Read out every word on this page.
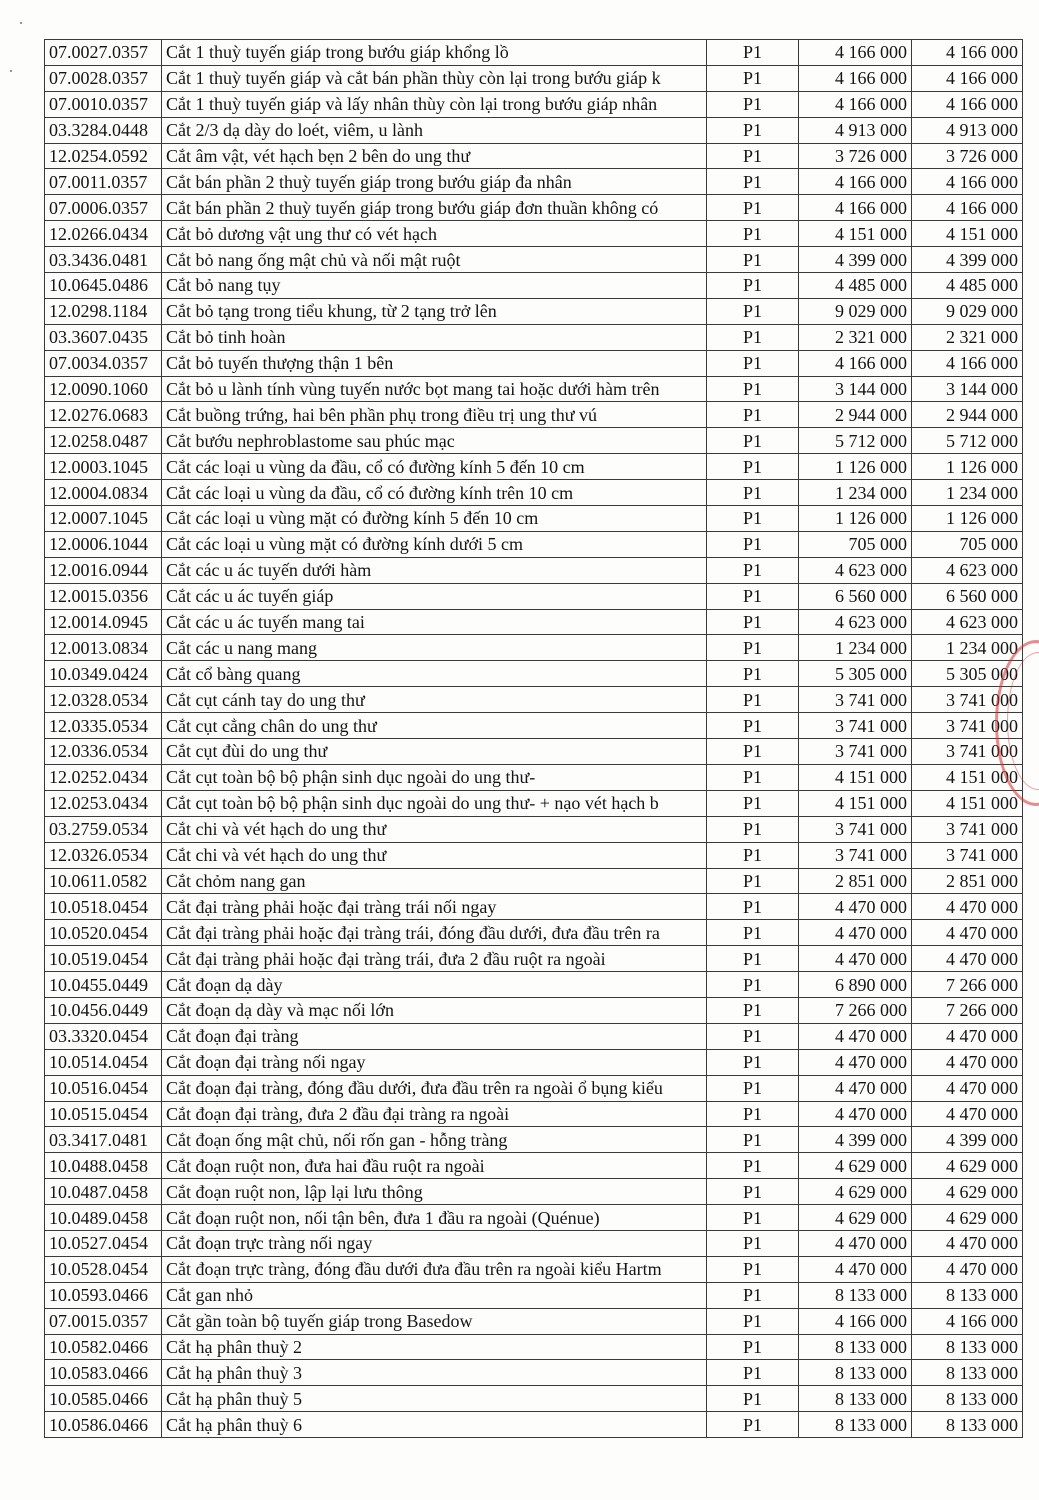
07.0027.0357	Cắt 1 thuỳ tuyến giáp trong bướu giáp khổng lồ	P1	4 166 000	4 166 000
07.0028.0357	Cắt 1 thuỳ tuyến giáp và cắt bán phần thùy còn lại trong bướu giáp k	P1	4 166 000	4 166 000
07.0010.0357	Cắt 1 thuỳ tuyến giáp và lấy nhân thùy còn lại trong bướu giáp nhân	P1	4 166 000	4 166 000
03.3284.0448	Cắt 2/3 dạ dày do loét, viêm, u lành	P1	4 913 000	4 913 000
12.0254.0592	Cắt âm vật, vét hạch bẹn 2 bên do ung thư	P1	3 726 000	3 726 000
07.0011.0357	Cắt bán phần 2 thuỳ tuyến giáp trong bướu giáp đa nhân	P1	4 166 000	4 166 000
07.0006.0357	Cắt bán phần 2 thuỳ tuyến giáp trong bướu giáp đơn thuần không có	P1	4 166 000	4 166 000
12.0266.0434	Cắt bỏ dương vật ung thư có vét hạch	P1	4 151 000	4 151 000
03.3436.0481	Cắt bỏ nang ống mật chủ và nối mật ruột	P1	4 399 000	4 399 000
10.0645.0486	Cắt bỏ nang tụy	P1	4 485 000	4 485 000
12.0298.1184	Cắt bỏ tạng trong tiểu khung, từ 2 tạng trở lên	P1	9 029 000	9 029 000
03.3607.0435	Cắt bỏ tinh hoàn	P1	2 321 000	2 321 000
07.0034.0357	Cắt bỏ tuyến thượng thận 1 bên	P1	4 166 000	4 166 000
12.0090.1060	Cắt bỏ u lành tính vùng tuyến nước bọt mang tai hoặc dưới hàm trên	P1	3 144 000	3 144 000
12.0276.0683	Cắt buồng trứng, hai bên phần phụ trong điều trị ung thư vú	P1	2 944 000	2 944 000
12.0258.0487	Cắt bướu nephroblastome sau phúc mạc	P1	5 712 000	5 712 000
12.0003.1045	Cắt các loại u vùng da đầu, cổ có đường kính 5 đến 10 cm	P1	1 126 000	1 126 000
12.0004.0834	Cắt các loại u vùng da đầu, cổ có đường kính trên 10 cm	P1	1 234 000	1 234 000
12.0007.1045	Cắt các loại u vùng mặt có đường kính 5 đến 10 cm	P1	1 126 000	1 126 000
12.0006.1044	Cắt các loại u vùng mặt có đường kính dưới 5 cm	P1	705 000	705 000
12.0016.0944	Cắt các u ác tuyến dưới hàm	P1	4 623 000	4 623 000
12.0015.0356	Cắt các u ác tuyến giáp	P1	6 560 000	6 560 000
12.0014.0945	Cắt các u ác tuyến mang tai	P1	4 623 000	4 623 000
12.0013.0834	Cắt các u nang mang	P1	1 234 000	1 234 000
10.0349.0424	Cắt cổ bàng quang	P1	5 305 000	5 305 000
12.0328.0534	Cắt cụt cánh tay do ung thư	P1	3 741 000	3 741 000
12.0335.0534	Cắt cụt cẳng chân do ung thư	P1	3 741 000	3 741 000
12.0336.0534	Cắt cụt đùi do ung thư	P1	3 741 000	3 741 000
12.0252.0434	Cắt cụt toàn bộ bộ phận sinh dục ngoài do ung thư-	P1	4 151 000	4 151 000
12.0253.0434	Cắt cụt toàn bộ bộ phận sinh dục ngoài do ung thư- + nạo vét hạch b	P1	4 151 000	4 151 000
03.2759.0534	Cắt chi và vét hạch do ung thư	P1	3 741 000	3 741 000
12.0326.0534	Cắt chi và vét hạch do ung thư	P1	3 741 000	3 741 000
10.0611.0582	Cắt chỏm nang gan	P1	2 851 000	2 851 000
10.0518.0454	Cắt đại tràng phải hoặc đại tràng trái nối ngay	P1	4 470 000	4 470 000
10.0520.0454	Cắt đại tràng phải hoặc đại tràng trái, đóng đầu dưới, đưa đầu trên ra	P1	4 470 000	4 470 000
10.0519.0454	Cắt đại tràng phải hoặc đại tràng trái, đưa 2 đầu ruột ra ngoài	P1	4 470 000	4 470 000
10.0455.0449	Cắt đoạn dạ dày	P1	6 890 000	7 266 000
10.0456.0449	Cắt đoạn dạ dày và mạc nối lớn	P1	7 266 000	7 266 000
03.3320.0454	Cắt đoạn đại tràng	P1	4 470 000	4 470 000
10.0514.0454	Cắt đoạn đại tràng nối ngay	P1	4 470 000	4 470 000
10.0516.0454	Cắt đoạn đại tràng, đóng đầu dưới, đưa đầu trên ra ngoài ổ bụng kiểu	P1	4 470 000	4 470 000
10.0515.0454	Cắt đoạn đại tràng, đưa 2 đầu đại tràng ra ngoài	P1	4 470 000	4 470 000
03.3417.0481	Cắt đoạn ống mật chủ, nối rốn gan - hỗng tràng	P1	4 399 000	4 399 000
10.0488.0458	Cắt đoạn ruột non, đưa hai đầu ruột ra ngoài	P1	4 629 000	4 629 000
10.0487.0458	Cắt đoạn ruột non, lập lại lưu thông	P1	4 629 000	4 629 000
10.0489.0458	Cắt đoạn ruột non, nối tận bên, đưa 1 đầu ra ngoài (Quénue)	P1	4 629 000	4 629 000
10.0527.0454	Cắt đoạn trực tràng nối ngay	P1	4 470 000	4 470 000
10.0528.0454	Cắt đoạn trực tràng, đóng đầu dưới đưa đầu trên ra ngoài kiểu Hartm	P1	4 470 000	4 470 000
10.0593.0466	Cắt gan nhỏ	P1	8 133 000	8 133 000
07.0015.0357	Cắt gần toàn bộ tuyến giáp trong Basedow	P1	4 166 000	4 166 000
10.0582.0466	Cắt hạ phân thuỳ 2	P1	8 133 000	8 133 000
10.0583.0466	Cắt hạ phân thuỳ 3	P1	8 133 000	8 133 000
10.0585.0466	Cắt hạ phân thuỳ 5	P1	8 133 000	8 133 000
10.0586.0466	Cắt hạ phân thuỳ 6	P1	8 133 000	8 133 000
